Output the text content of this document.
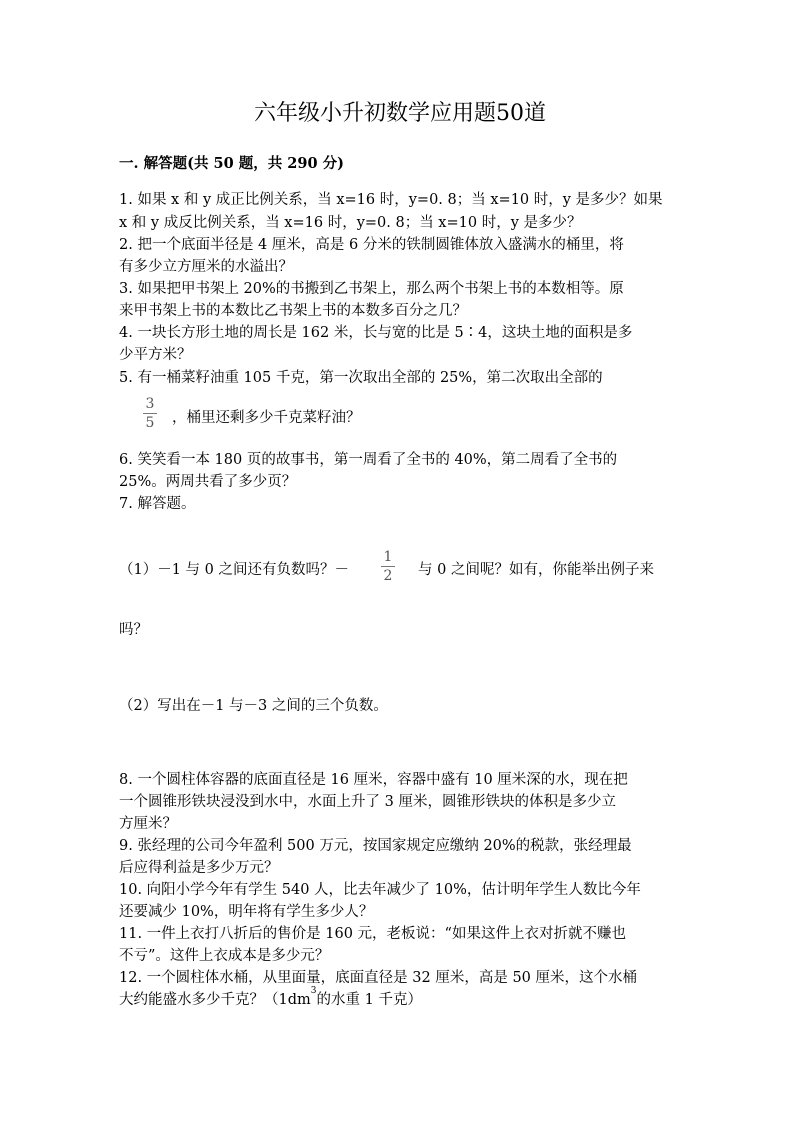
六年级小升初数学应用题50道
一. 解答题(共 50 题，共 290 分)
1. 如果 x 和 y 成正比例关系，当 x=16 时，y=0. 8；当 x=10 时，y 是多少？如果
x 和 y 成反比例关系，当 x=16 时，y=0. 8；当 x=10 时，y 是多少？
2. 把一个底面半径是 4 厘米，高是 6 分米的铁制圆锥体放入盛满水的桶里，将
有多少立方厘米的水溢出？
3. 如果把甲书架上 20%的书搬到乙书架上，那么两个书架上书的本数相等。原
来甲书架上书的本数比乙书架上书的本数多百分之几？
4. 一块长方形土地的周长是 162 米，长与宽的比是 5∶4，这块土地的面积是多
少平方米？
5. 有一桶菜籽油重 105 千克，第一次取出全部的 25%，第二次取出全部的
3
5 ，桶里还剩多少千克菜籽油？
6. 笑笑看一本 180 页的故事书，第一周看了全书的 40%，第二周看了全书的
25%。两周共看了多少页？
7. 解答题。
（1）－1 与 0 之间还有负数吗？－
1
2 与 0 之间呢？如有，你能举出例子来
吗？
（2）写出在－1 与－3 之间的三个负数。
8. 一个圆柱体容器的底面直径是 16 厘米，容器中盛有 10 厘米深的水，现在把
一个圆锥形铁块浸没到水中，水面上升了 3 厘米，圆锥形铁块的体积是多少立
方厘米？
9. 张经理的公司今年盈利 500 万元，按国家规定应缴纳 20%的税款，张经理最
后应得利益是多少万元？
10. 向阳小学今年有学生 540 人，比去年减少了 10%，估计明年学生人数比今年
还要减少 10%，明年将有学生多少人？
11. 一件上衣打八折后的售价是 160 元，老板说：“如果这件上衣对折就不赚也
不亏”。这件上衣成本是多少元？
12. 一个圆柱体水桶，从里面量，底面直径是 32 厘米，高是 50 厘米，这个水桶
大约能盛水多少千克？（$1dm^3$的水重 1 千克）
